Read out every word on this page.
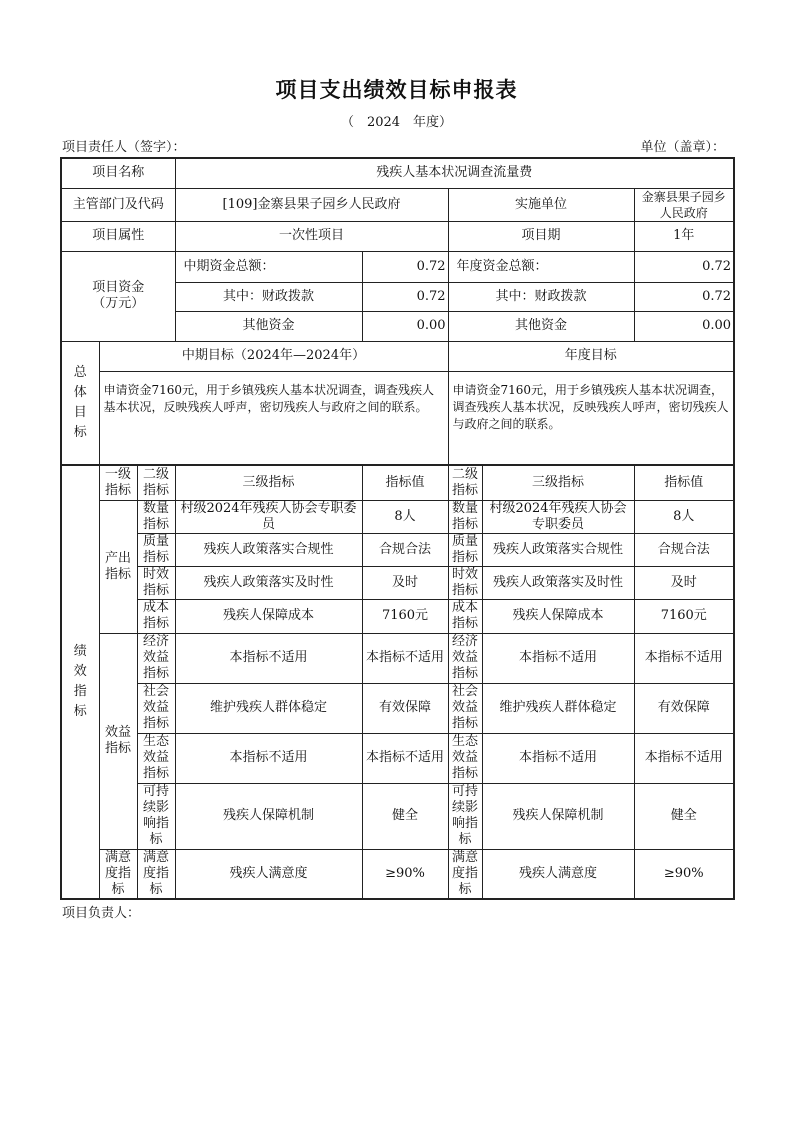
项目支出绩效目标申报表
（　2024　年度）
项目责任人（签字）：	单位（盖章）：
项目名称		残疾人基本状况调查流量费			
主管部门及代码		[109]金寨县果子园乡人民政府		实施单位	金寨县果子园乡人民政府
项目属性		一次性项目		项目期	1年
项目资金（万元）		中期资金总额：	0.72	年度资金总额：	0.72
		其中：财政拨款	0.72	其中：财政拨款	0.72
		其他资金	0.00	其他资金	0.00
总体目标	中期目标（2024年—2024年）			年度目标	
	申请资金7160元，用于乡镇残疾人基本状况调查，调查残疾人基本状况，反映残疾人呼声，密切残疾人与政府之间的联系。			申请资金7160元，用于乡镇残疾人基本状况调查，调查残疾人基本状况，反映残疾人呼声，密切残疾人与政府之间的联系。	
绩效指标	一级指标	二级指标	三级指标	指标值	二级指标	三级指标	指标值
	产出指标	数量指标	村级2024年残疾人协会专职委员	8人	数量指标	村级2024年残疾人协会专职委员	8人
		质量指标	残疾人政策落实合规性	合规合法	质量指标	残疾人政策落实合规性	合规合法
		时效指标	残疾人政策落实及时性	及时	时效指标	残疾人政策落实及时性	及时
		成本指标	残疾人保障成本	7160元	成本指标	残疾人保障成本	7160元
	效益指标	经济效益指标	本指标不适用	本指标不适用	经济效益指标	本指标不适用	本指标不适用
		社会效益指标	维护残疾人群体稳定	有效保障	社会效益指标	维护残疾人群体稳定	有效保障
		生态效益指标	本指标不适用	本指标不适用	生态效益指标	本指标不适用	本指标不适用
		可持续影响指标	残疾人保障机制	健全	可持续影响指标	残疾人保障机制	健全
	满意度指标	满意度指标	残疾人满意度	≥90%	满意度指标	残疾人满意度	≥90%
项目负责人：
